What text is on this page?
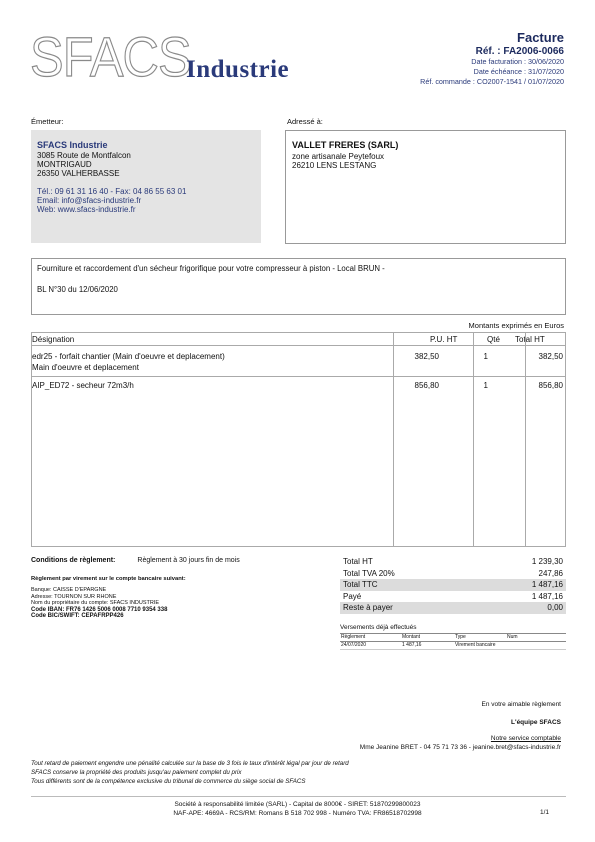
SFACS
Industrie
Facture
Réf. : FA2006-0066
Date facturation : 30/06/2020
Date échéance : 31/07/2020
Réf. commande : CO2007-1541 / 01/07/2020
Émetteur:	Adressé à:
SFACS Industrie
3085 Route de Montfalcon
MONTRIGAUD
26350 VALHERBASSE
Tél.: 09 61 31 16 40 - Fax: 04 86 55 63 01
Email: info@sfacs-industrie.fr
Web: www.sfacs-industrie.fr
VALLET FRERES (SARL)
zone artisanale Peytefoux
26210 LENS LESTANG
Fourniture et raccordement d'un sécheur frigorifique pour votre compresseur à piston - Local BRUN -
BL N°30 du 12/06/2020
Montants exprimés en Euros
Désignation	P.U. HT	Qté Total HT
edr25 - forfait chantier (Main d'oeuvre et deplacement)
Main d'oeuvre et deplacement
382,50	1	382,50
AIP_ED72 - secheur 72m3/h	856,80	1	856,80
Conditions de règlement:	Règlement à 30 jours fin de mois
Règlement par virement sur le compte bancaire suivant:
Banque: CAISSE D'EPARGNE
Adresse: TOURNON SUR RHONE
Nom du propriétaire du compte: SFACS INDUSTRIE
Code IBAN: FR76 1426 5006 0008 7710 9354 338
Code BIC/SWIFT: CEPAFRPP426
Total HT	1 239,30
Total TVA 20%	247,86
Total TTC	1 487,16
Payé	1 487,16
Reste à payer	0,00
Versements déjà effectués
Règlement	Montant	Type	Num
24/07/2020	1 487,16	Virement bancaire
En votre aimable règlement
L'équipe SFACS
Notre service comptable
Mme Jeanine BRET - 04 75 71 73 36 - jeanine.bret@sfacs-industrie.fr
Tout retard de paiement engendre une pénalité calculée sur la base de 3 fois le taux d'intérêt légal par jour de retard
SFACS conserve la propriété des produits jusqu'au paiement complet du prix
Tous différents sont de la compétence exclusive du tribunal de commerce du siège social de SFACS
Société à responsabilité limitée (SARL) - Capital de 8000€ - SIRET: 51870299800023
NAF-APE: 4669A - RCS/RM: Romans B 518 702 998 - Numéro TVA: FR86518702998	1/1
